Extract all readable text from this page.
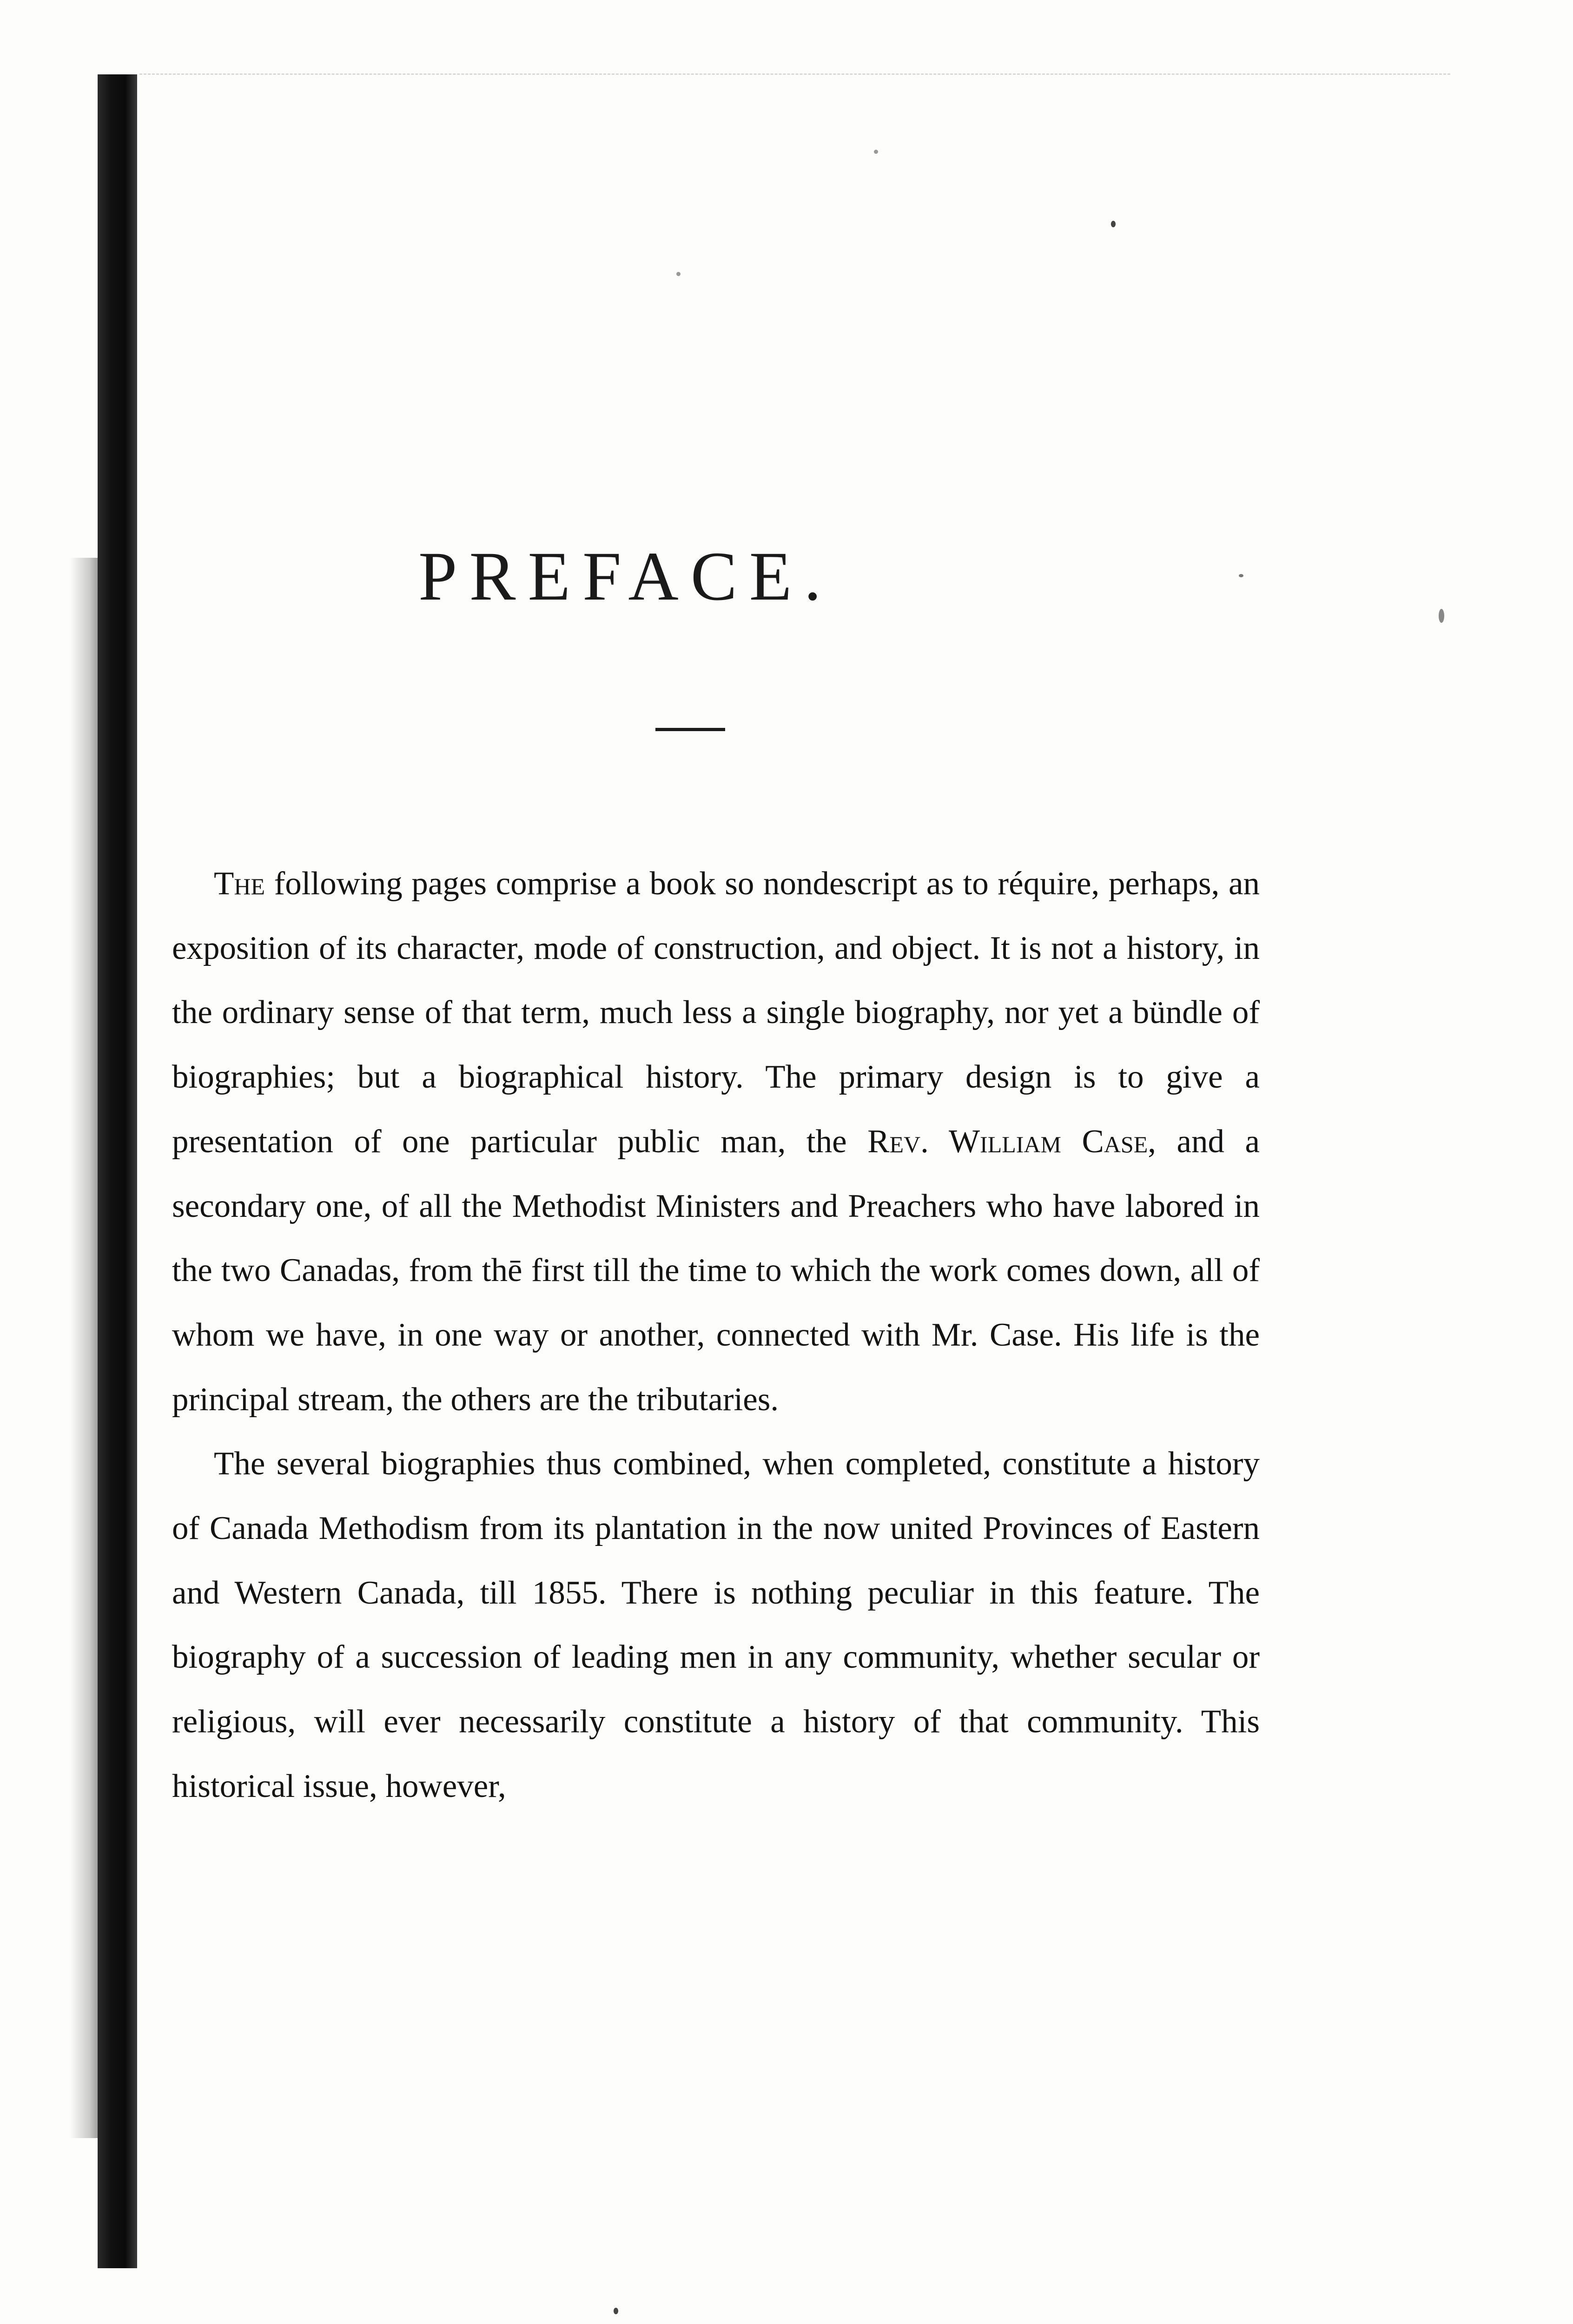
PREFACE.

The following pages comprise a book so nondescript as to réquire, perhaps, an exposition of its character, mode of construction, and object. It is not a history, in the ordinary sense of that term, much less a single biography, nor yet a bündle of biographies; but a biographical history. The primary design is to give a presentation of one particular public man, the Rev. William Case, and a secondary one, of all the Methodist Ministers and Preachers who have labored in the two Canadas, from thē first till the time to which the work comes down, all of whom we have, in one way or another, connected with Mr. Case. His life is the principal stream, the others are the tributaries.

The several biographies thus combined, when completed, constitute a history of Canada Methodism from its plantation in the now united Provinces of Eastern and Western Canada, till 1855. There is nothing peculiar in this feature. The biography of a succession of leading men in any community, whether secular or religious, will ever necessarily constitute a history of that community. This historical issue, however,
